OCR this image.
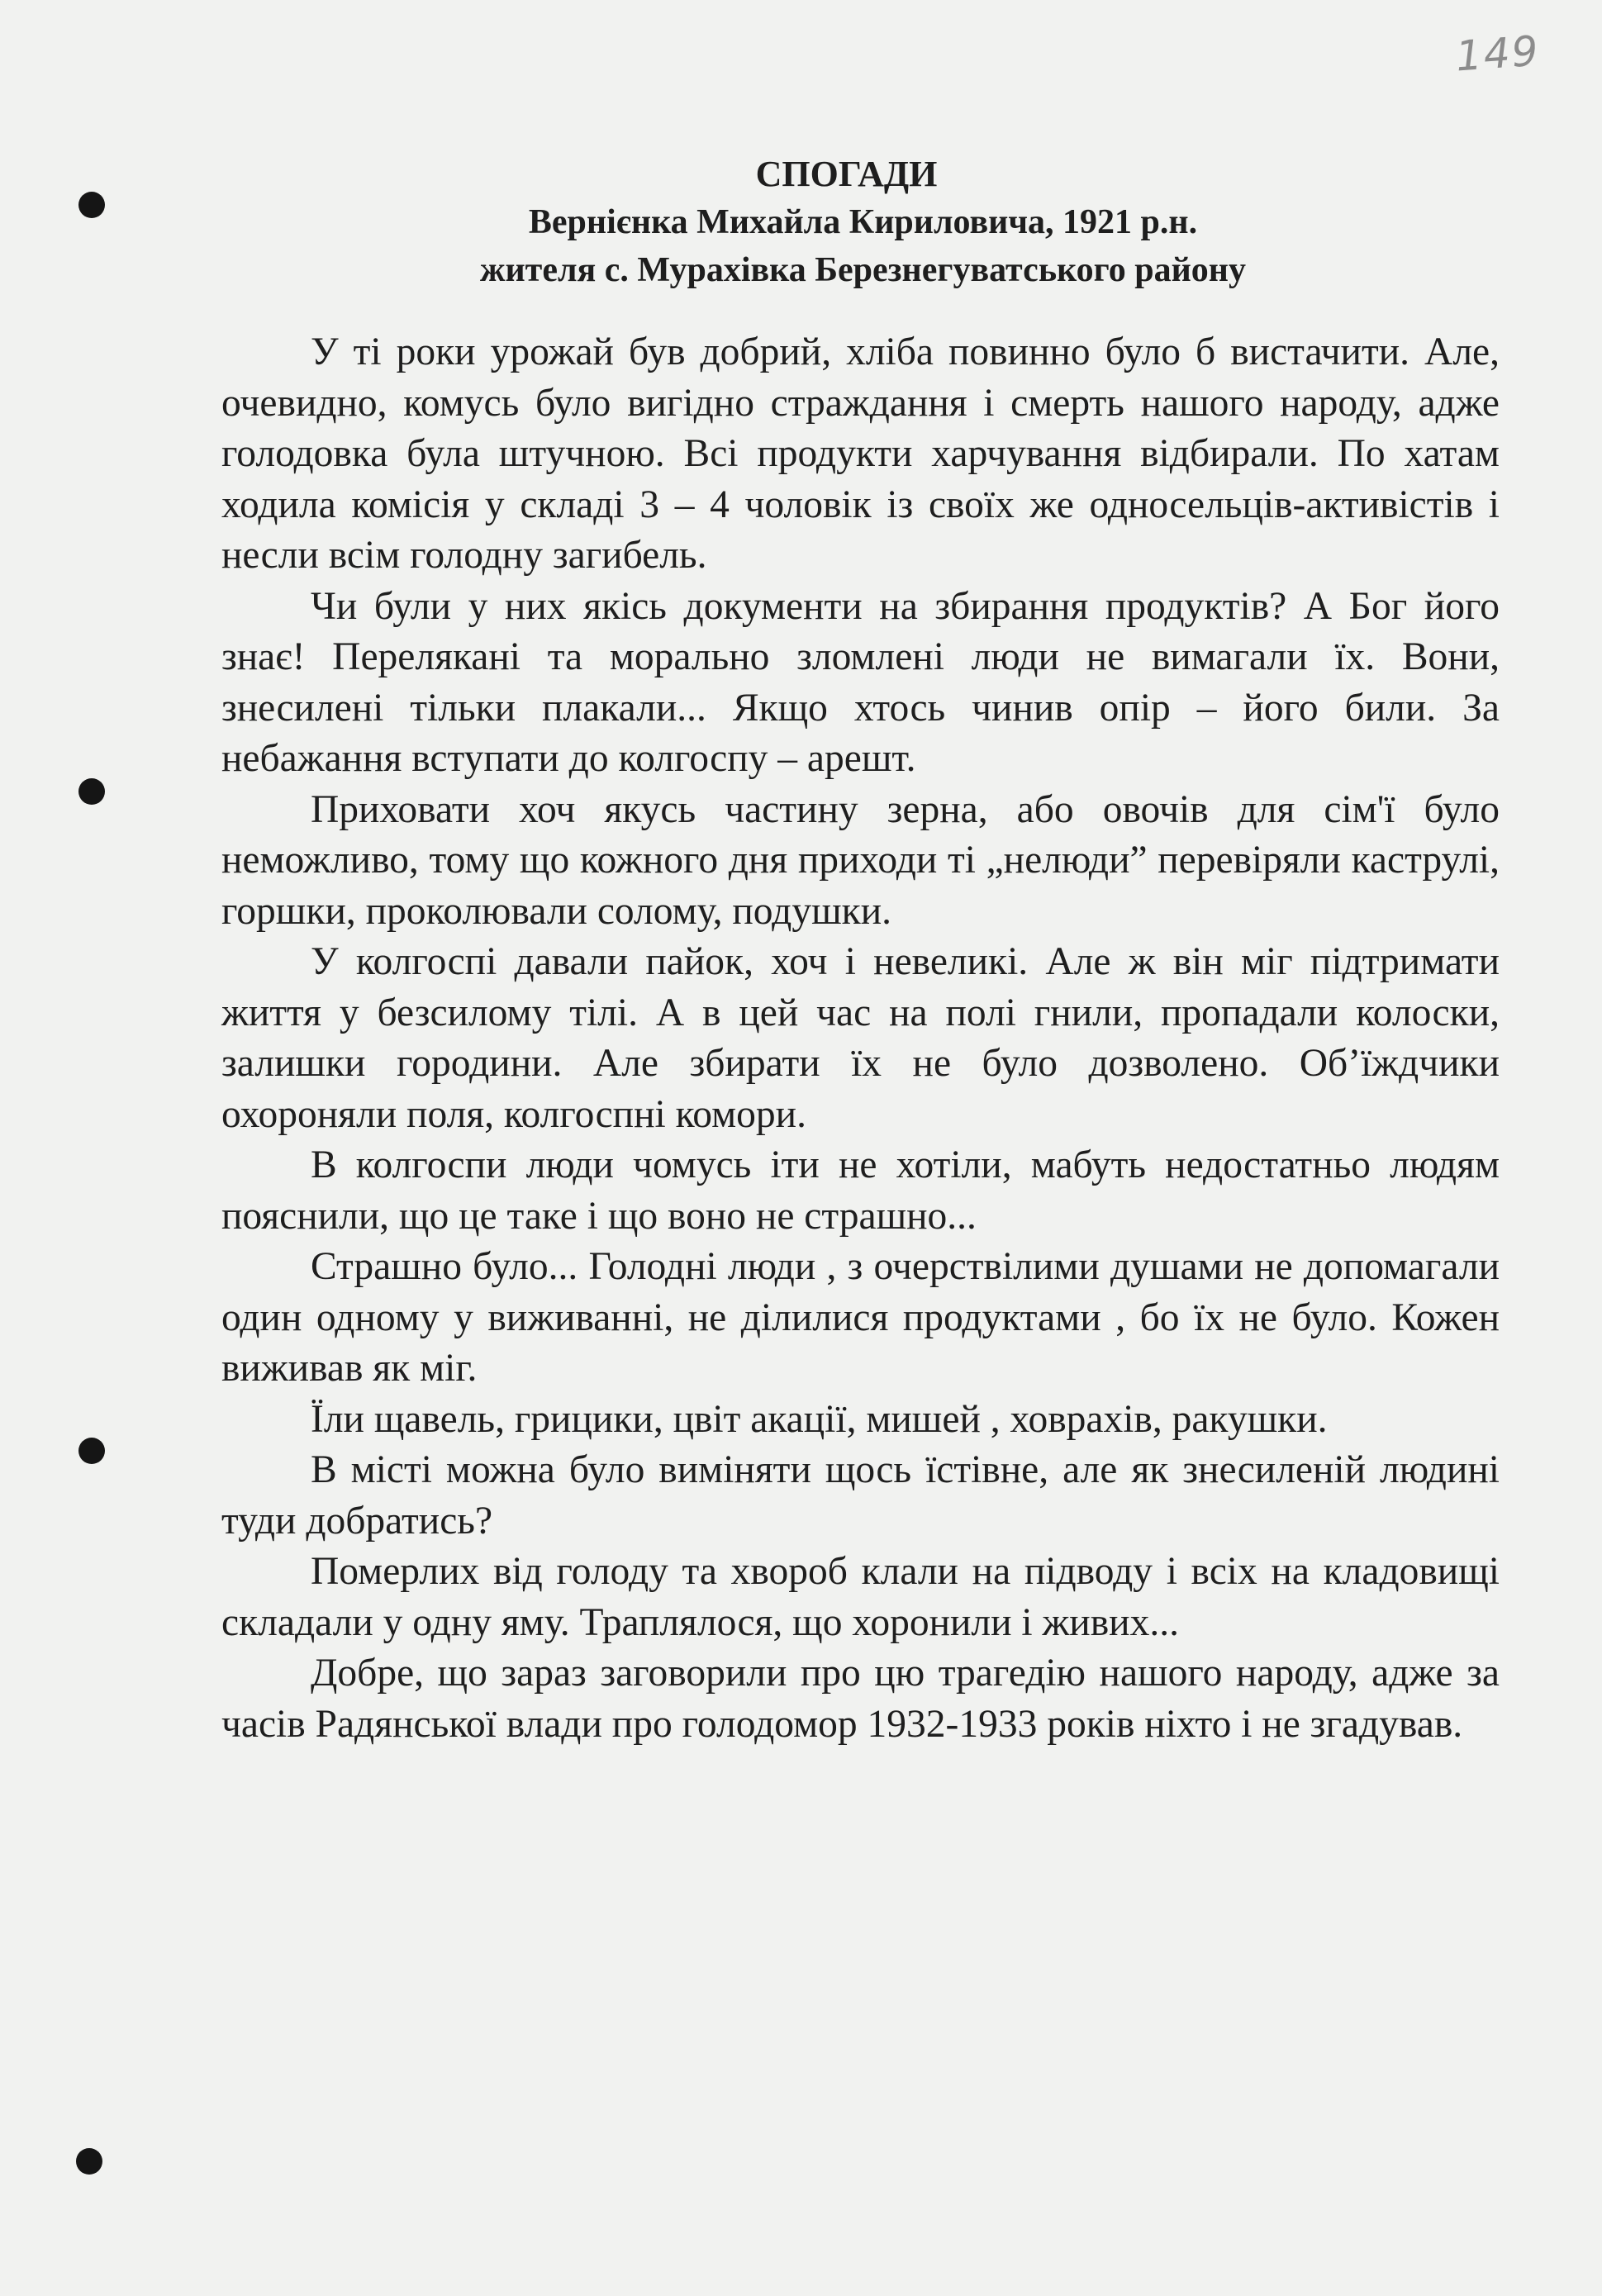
149
СПОГАДИ
Вернієнка Михайла Кириловича, 1921 р.н.
жителя с. Мурахівка Березнегуватського району

У ті роки урожай був добрий, хліба повинно було б вистачити. Але, очевидно, комусь було вигідно страждання і смерть нашого народу, адже голодовка була штучною. Всі продукти харчування відбирали. По хатам ходила комісія у складі 3 – 4 чоловік із своїх же односельців-активістів і несли всім голодну загибель.

Чи були у них якісь документи на збирання продуктів? А Бог його знає! Перелякані та морально зломлені люди не вимагали їх. Вони, знесилені тільки плакали... Якщо хтось чинив опір – його били. За небажання вступати до колгоспу – арешт.

Приховати хоч якусь частину зерна, або овочів для сім'ї було неможливо, тому що кожного дня приходи ті „нелюди” перевіряли каструлі, горшки, проколювали солому, подушки.

У колгоспі давали пайок, хоч і невеликі. Але ж він міг підтримати життя у безсилому тілі. А в цей час на полі гнили, пропадали колоски, залишки городини. Але збирати їх не було дозволено. Об’їждчики охороняли поля, колгоспні комори.

В колгоспи люди чомусь іти не хотіли, мабуть недостатньо людям пояснили, що це таке і що воно не страшно...

Страшно було... Голодні люди , з очерствілими душами не допомагали один одному у виживанні, не ділилися продуктами , бо їх не було. Кожен виживав як міг.

Їли щавель, грицики, цвіт акації, мишей , ховрахів, ракушки.

В місті можна було виміняти щось їстівне, але як знесиленій людині туди добратись?

Померлих від голоду та хвороб клали на підводу і всіх на кладовищі складали у одну яму. Траплялося, що хоронили і живих...

Добре, що зараз заговорили про цю трагедію нашого народу, адже за часів Радянської влади про голодомор 1932-1933 років ніхто і не згадував.
